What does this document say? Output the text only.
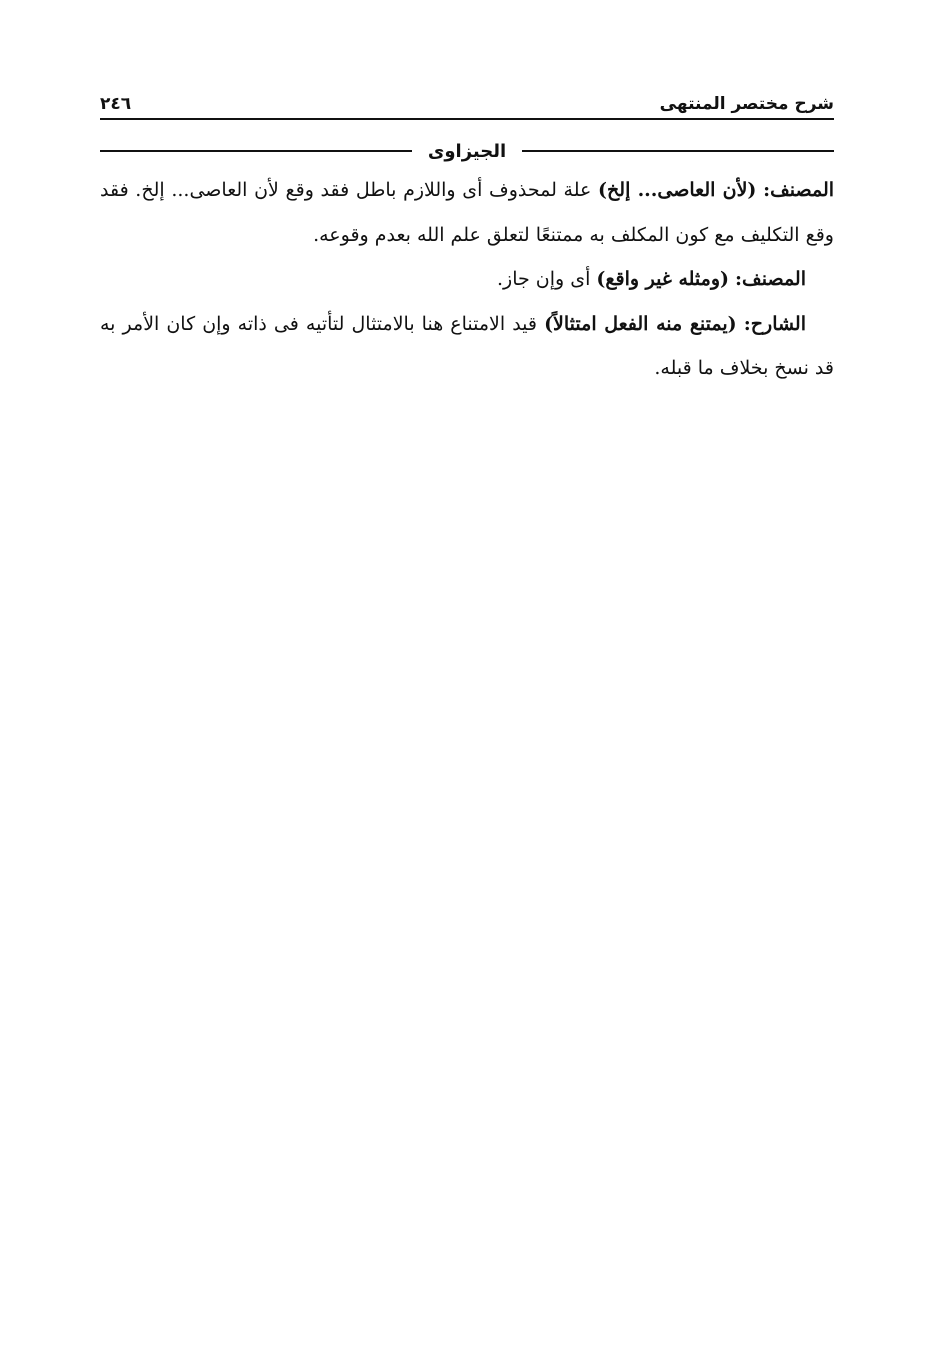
٢٤٦	شرح مختصر المنتهى
الجيزاوى

المصنف: (لأن العاصى... إلخ) علة لمحذوف أى واللازم باطل فقد وقع لأن العاصى... إلخ. فقد وقع التكليف مع كون المكلف به ممتنعًا لتعلق علم الله بعدم وقوعه.

المصنف: (ومثله غير واقع) أى وإن جاز.

الشارح: (يمتنع منه الفعل امتثالاً) قيد الامتناع هنا بالامتثال لتأتيه فى ذاته وإن كان الأمر به قد نسخ بخلاف ما قبله.
